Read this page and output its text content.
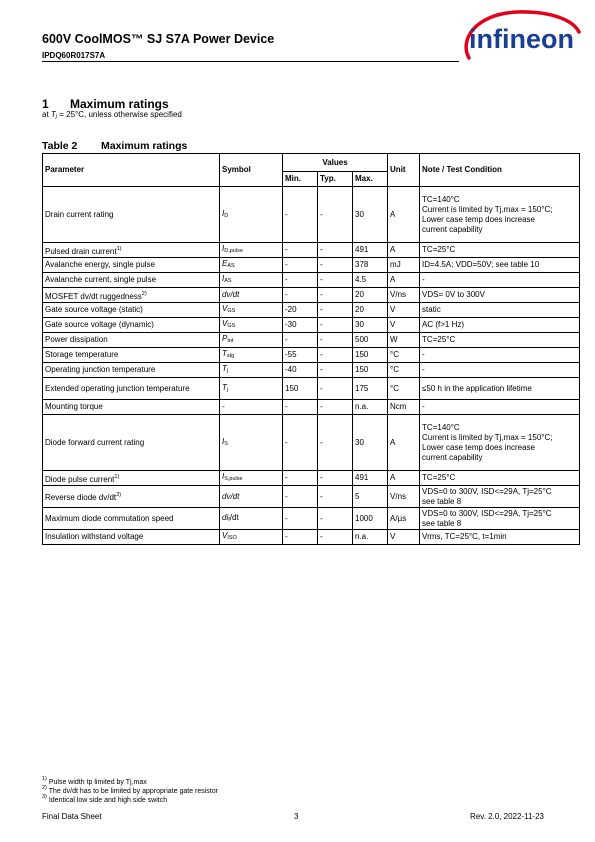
600V CoolMOS™ SJ S7A Power Device
IPDQ60R017S7A
infineon
1 Maximum ratings
at Tj = 25°C, unless otherwise specified
Table 2 Maximum ratings
Parameter	Symbol	Values			Unit	Note / Test Condition
		Min.	Typ.	Max.		
Drain current rating	ID	-	-	30	A	TC=140°C
Current is limited by Tj,max = 150°C;
Lower case temp does increase
current capability

Pulsed drain current$^{1)}$	ID,pulse	-	-	491	A	TC=25°C

Avalanche energy, single pulse	EAS	-	-	378	mJ	ID=4.5A; VDD=50V; see table 10

Avalanche current, single pulse	IAS	-	-	4.5	A	-

MOSFET dv/dt ruggedness$^{2)}$	dv/dt	-	-	20	V/ns	VDS= 0V to 300V

Gate source voltage (static)	VGS	-20	-	20	V	static

Gate source voltage (dynamic)	VGS	-30	-	30	V	AC (f>1 Hz)

Power dissipation	Ptot	-	-	500	W	TC=25°C

Storage temperature	Tstg	-55	-	150	°C	-

Operating junction temperature	Tj	-40	-	150	°C	-

Extended operating junction temperature	Tj	150	-	175	°C	≤50 h in the application lifetime

Mounting torque	-	-	-	n.a.	Ncm	-

Diode forward current rating	IS	-	-	30	A	TC=140°C
Current is limited by Tj,max = 150°C;
Lower case temp does increase
current capability

Diode pulse current$^{1)}$	IS,pulse	-	-	491	A	TC=25°C

Reverse diode $dv/dt^{3)}$	dv/dt	-	-	5	V/ns	VDS=0 to 300V, ISD<=29A, Tj=25°C
see table 8

Maximum diode commutation speed	dif/dt	-	-	1000	A/µs	VDS=0 to 300V, ISD<=29A, Tj=25°C
see table 8

Insulation withstand voltage	VISO	-	-	n.a.	V	Vrms, TC=25°C, t=1min
$^{1)}$ Pulse width tp limited by Tj,max
$^{2)}$ The dv/dt has to be limited by appropriate gate resistor
$^{3)}$ Identical low side and high side switch
Final Data Sheet	3	Rev. 2.0, 2022-11-23
